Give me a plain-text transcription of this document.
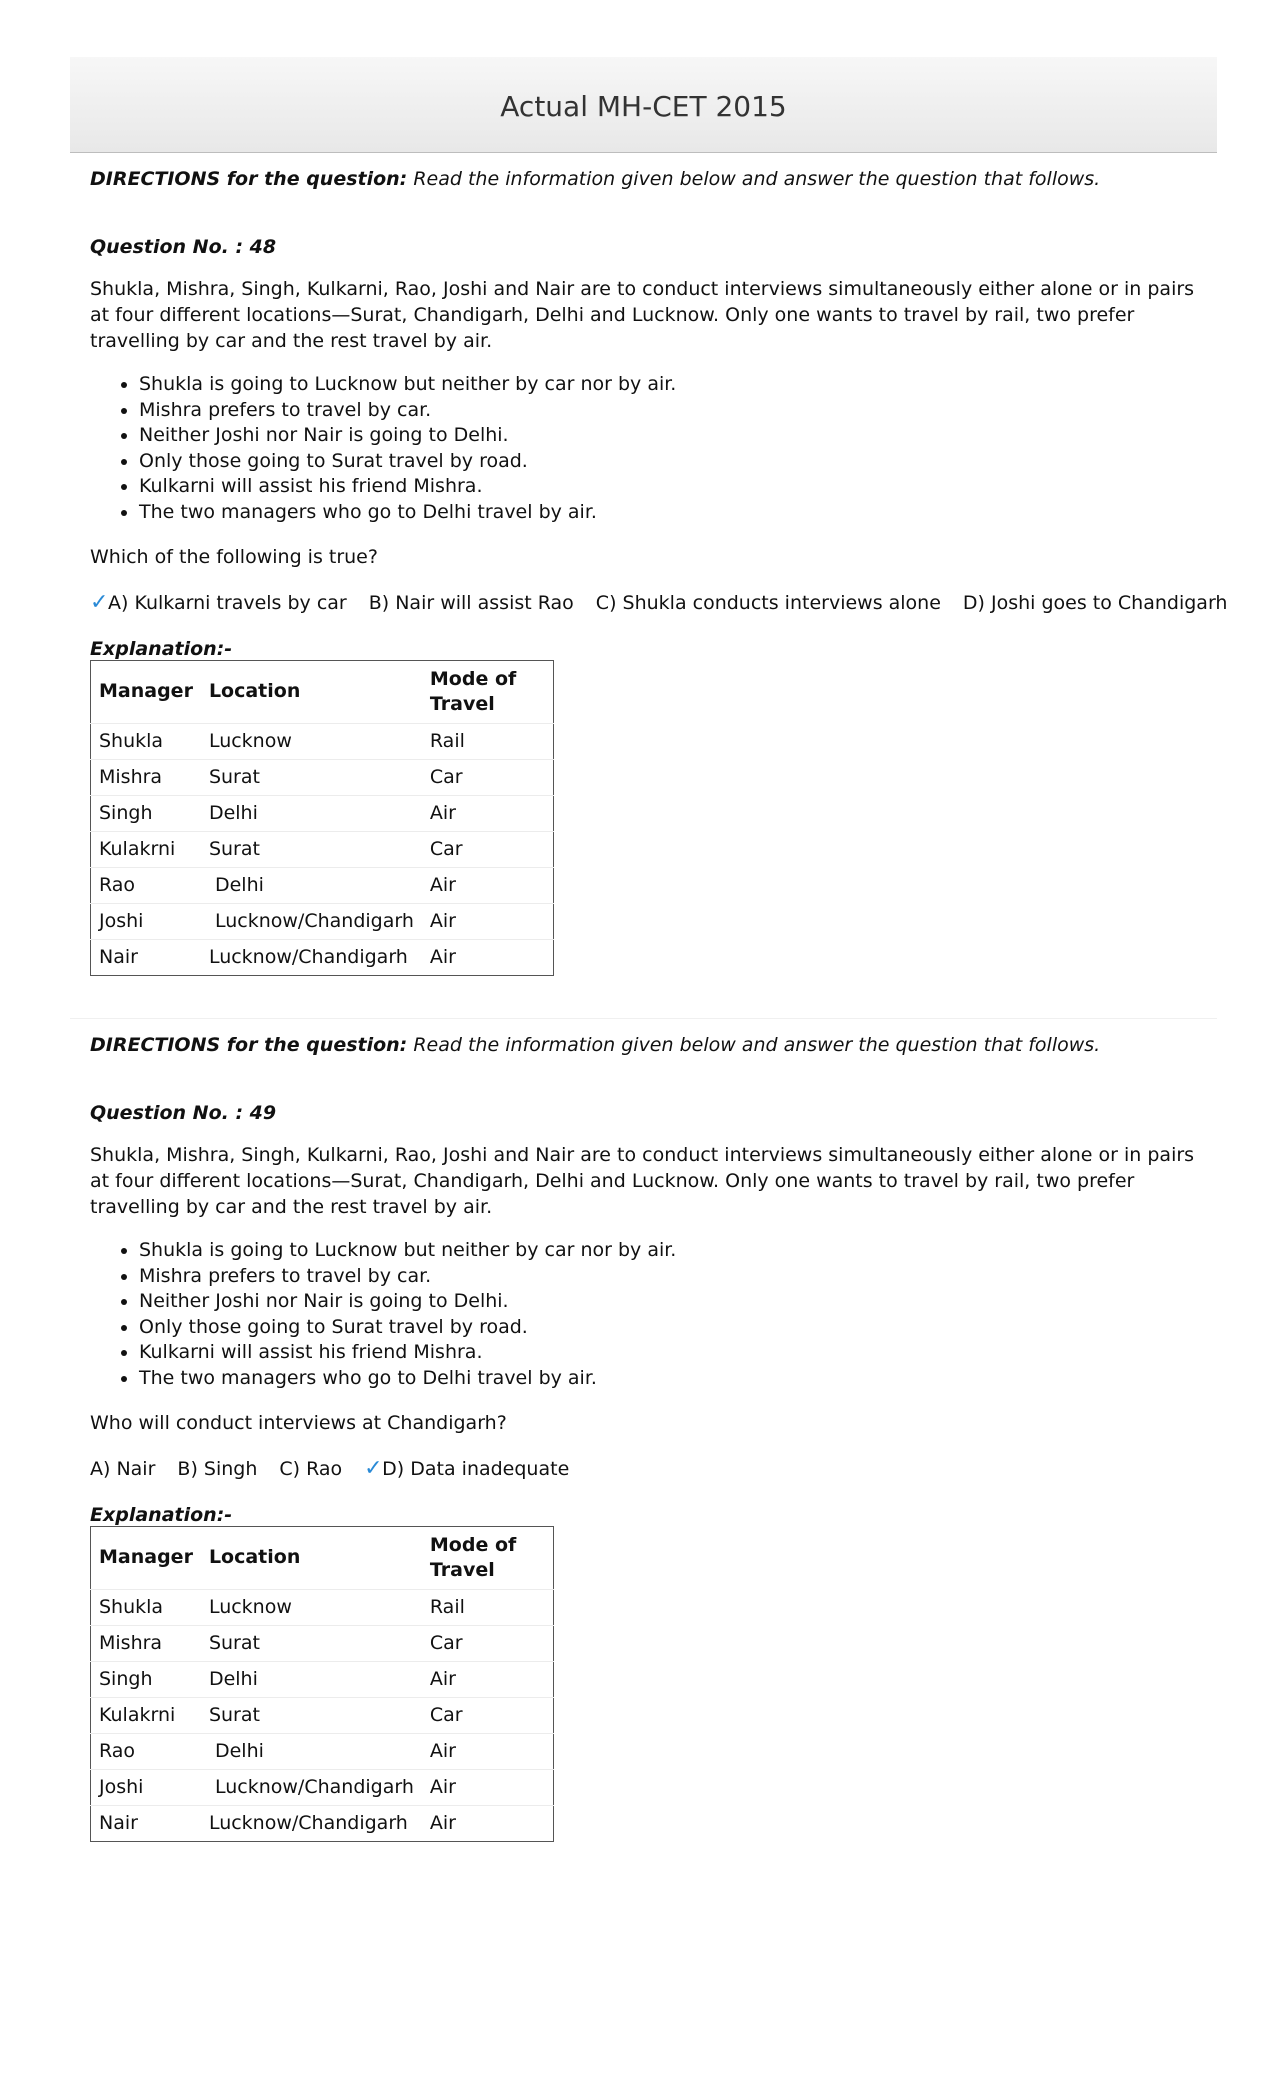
Actual MH-CET 2015
DIRECTIONS for the question: Read the information given below and answer the question that follows.
Question No. : 48
Shukla, Mishra, Singh, Kulkarni, Rao, Joshi and Nair are to conduct interviews simultaneously either alone or in pairs at four different locations—Surat, Chandigarh, Delhi and Lucknow. Only one wants to travel by rail, two prefer travelling by car and the rest travel by air.
• Shukla is going to Lucknow but neither by car nor by air.
• Mishra prefers to travel by car.
• Neither Joshi nor Nair is going to Delhi.
• Only those going to Surat travel by road.
• Kulkarni will assist his friend Mishra.
• The two managers who go to Delhi travel by air.
Which of the following is true?
✓A) Kulkarni travels by car B) Nair will assist Rao C) Shukla conducts interviews alone D) Joshi goes to Chandigarh
Explanation:-
Manager	Location	Mode of Travel
Shukla	Lucknow	Rail
Mishra	Surat	Car
Singh	Delhi	Air
Kulakrni	Surat	Car
Rao	Delhi	Air
Joshi	Lucknow/Chandigarh	Air
Nair	Lucknow/Chandigarh	Air
DIRECTIONS for the question: Read the information given below and answer the question that follows.
Question No. : 49
Shukla, Mishra, Singh, Kulkarni, Rao, Joshi and Nair are to conduct interviews simultaneously either alone or in pairs at four different locations—Surat, Chandigarh, Delhi and Lucknow. Only one wants to travel by rail, two prefer travelling by car and the rest travel by air.
• Shukla is going to Lucknow but neither by car nor by air.
• Mishra prefers to travel by car.
• Neither Joshi nor Nair is going to Delhi.
• Only those going to Surat travel by road.
• Kulkarni will assist his friend Mishra.
• The two managers who go to Delhi travel by air.
Who will conduct interviews at Chandigarh?
A) Nair B) Singh C) Rao ✓D) Data inadequate
Explanation:-
Manager	Location	Mode of Travel
Shukla	Lucknow	Rail
Mishra	Surat	Car
Singh	Delhi	Air
Kulakrni	Surat	Car
Rao	Delhi	Air
Joshi	Lucknow/Chandigarh	Air
Nair	Lucknow/Chandigarh	Air
